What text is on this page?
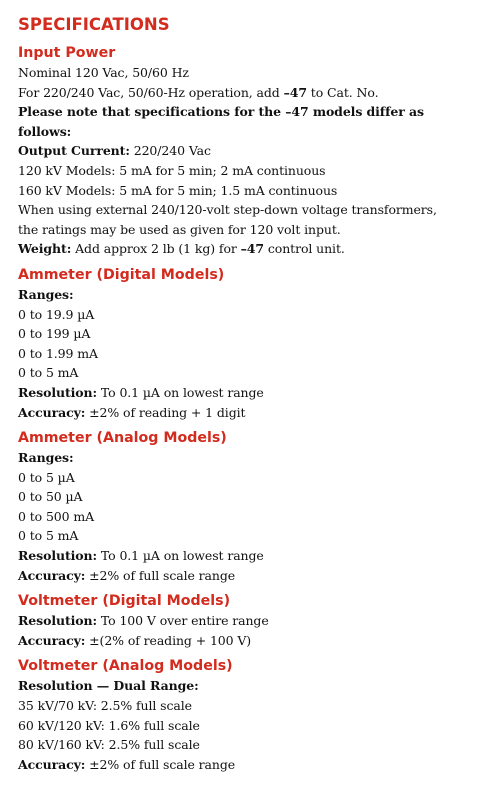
SPECIFICATIONS
Input Power
Nominal 120 Vac, 50/60 Hz
For 220/240 Vac, 50/60-Hz operation, add –47 to Cat. No.
Please note that specifications for the –47 models differ as follows:
Output Current: 220/240 Vac
120 kV Models: 5 mA for 5 min; 2 mA continuous
160 kV Models: 5 mA for 5 min; 1.5 mA continuous
When using external 240/120-volt step-down voltage transformers,
the ratings may be used as given for 120 volt input.
Weight: Add approx 2 lb (1 kg) for –47 control unit.
Ammeter (Digital Models)
Ranges:
0 to 19.9 µA
0 to 199 µA
0 to 1.99 mA
0 to 5 mA
Resolution: To 0.1 µA on lowest range
Accuracy: ±2% of reading + 1 digit
Ammeter (Analog Models)
Ranges:
0 to 5 µA
0 to 50 µA
0 to 500 mA
0 to 5 mA
Resolution: To 0.1 µA on lowest range
Accuracy: ±2% of full scale range
Voltmeter (Digital Models)
Resolution: To 100 V over entire range
Accuracy: ±(2% of reading + 100 V)
Voltmeter (Analog Models)
Resolution — Dual Range:
35 kV/70 kV: 2.5% full scale
60 kV/120 kV: 1.6% full scale
80 kV/160 kV: 2.5% full scale
Accuracy: ±2% of full scale range
